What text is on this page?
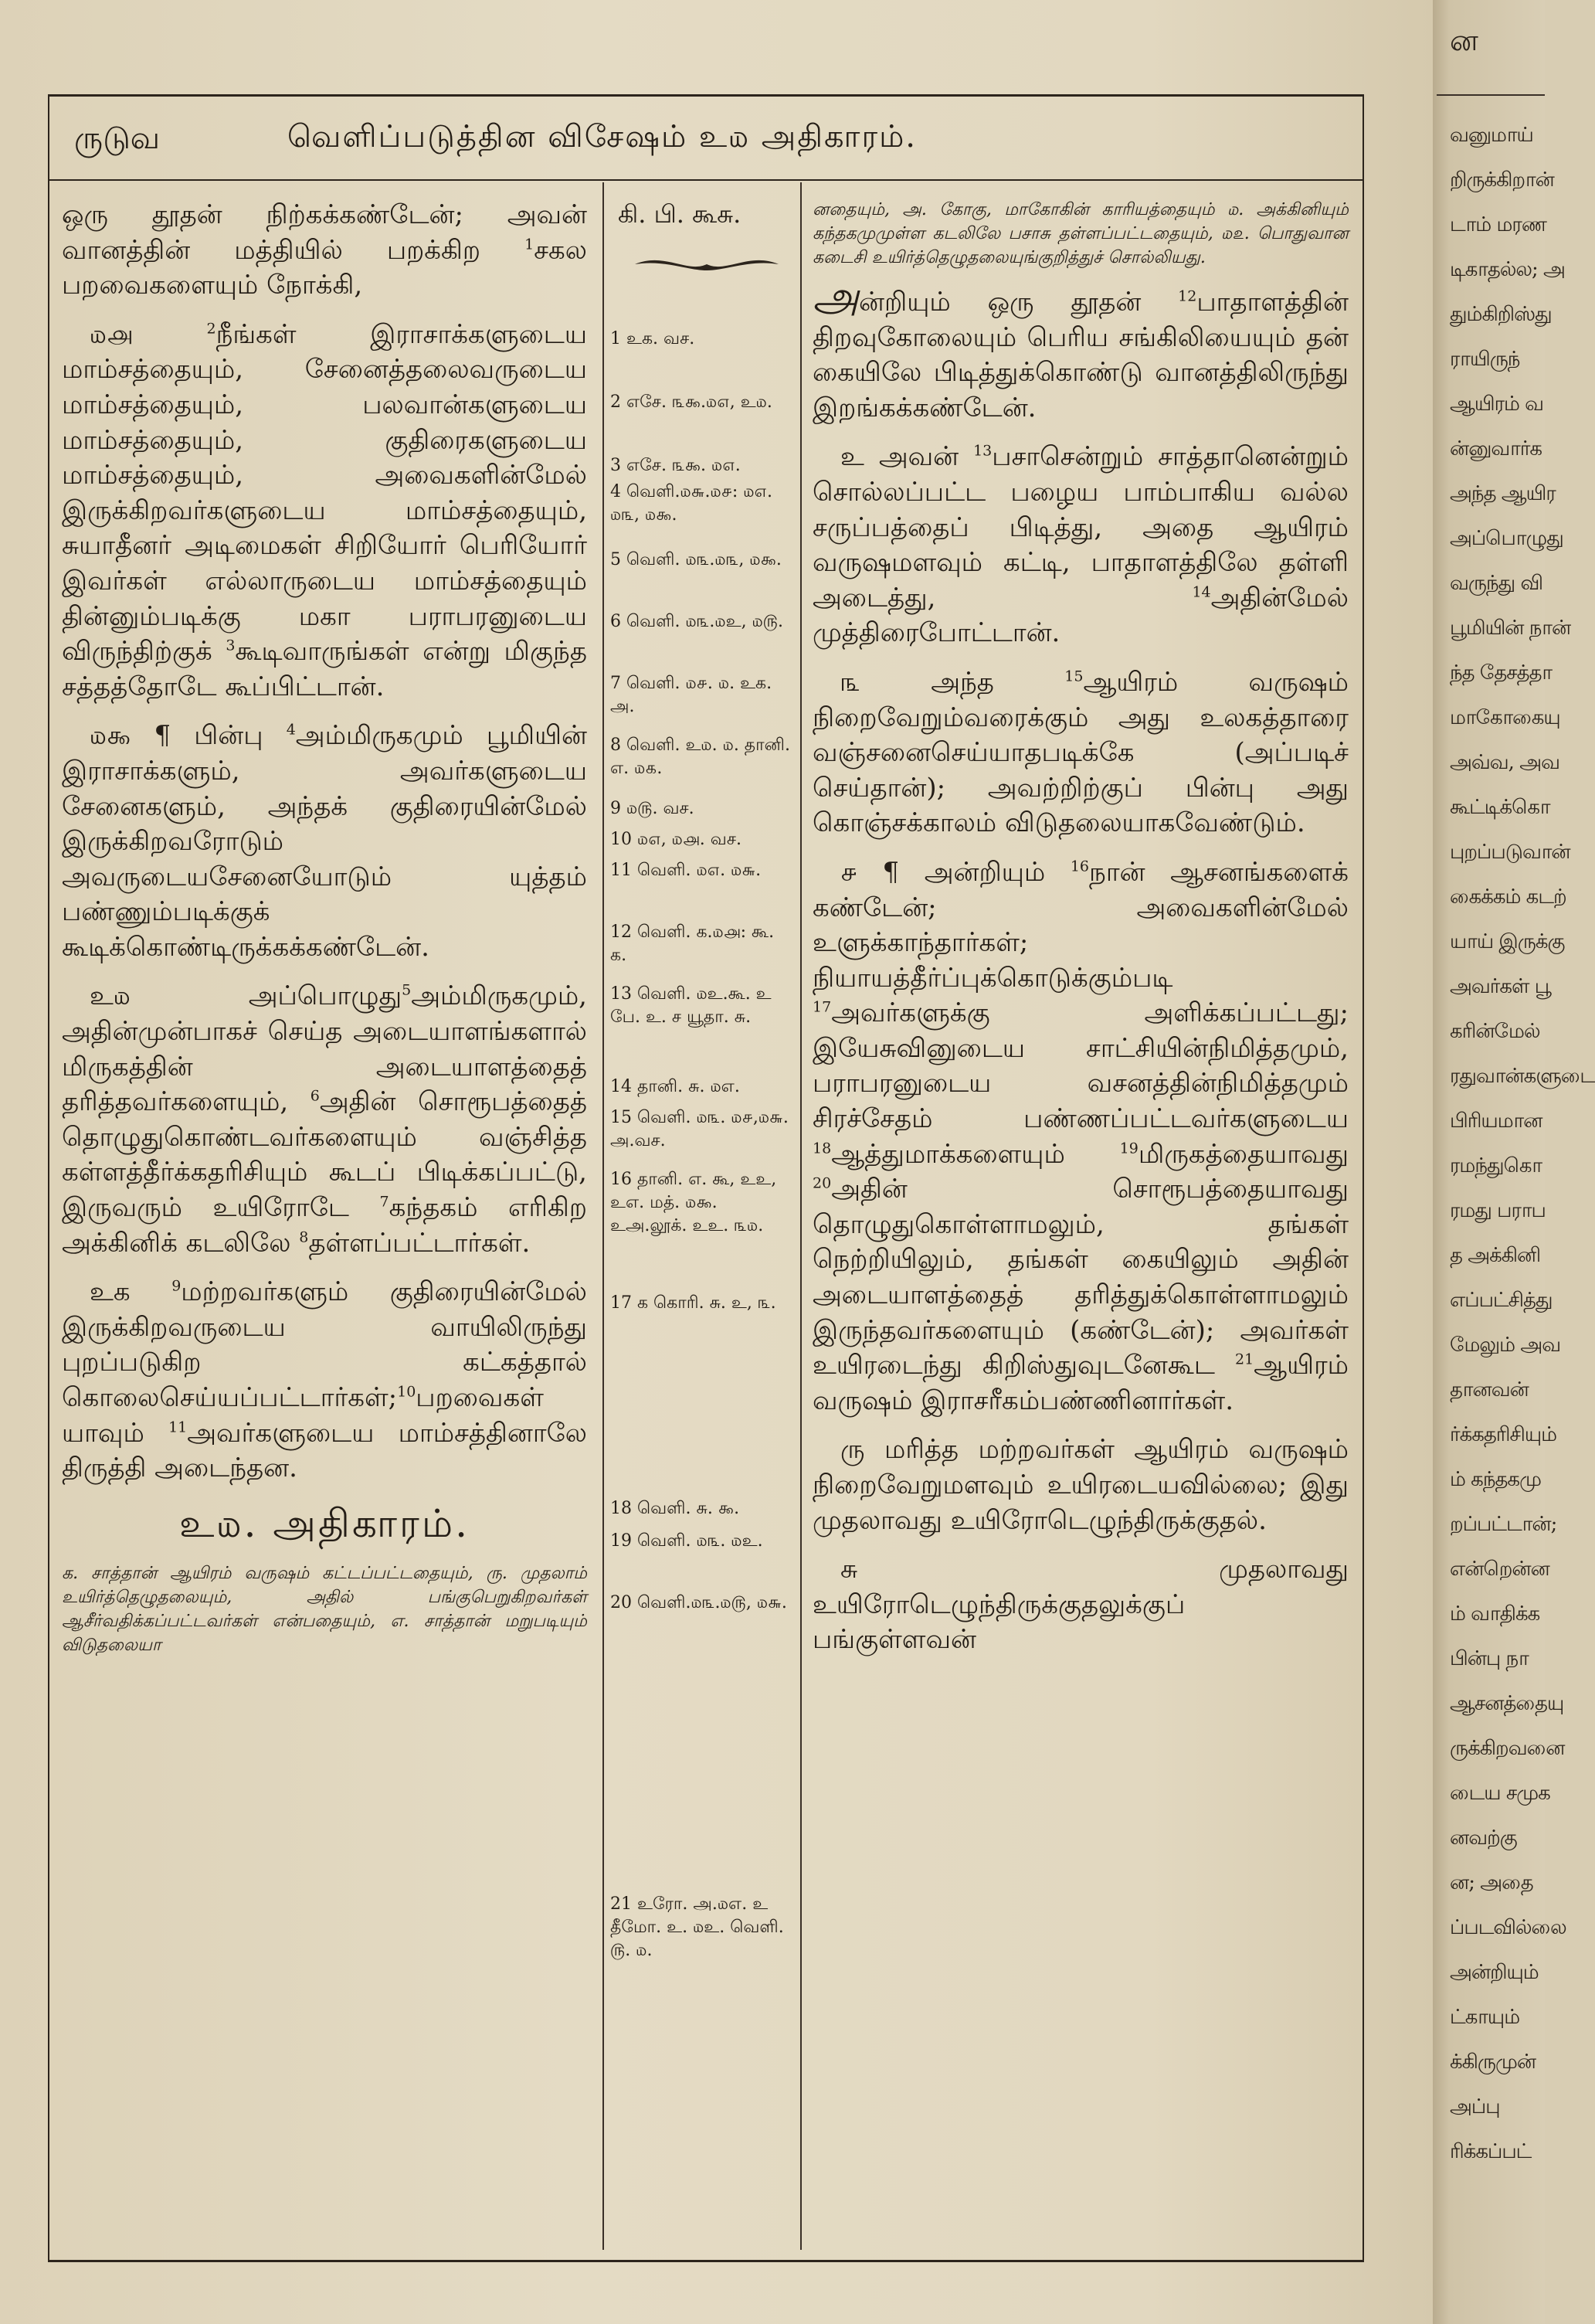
ருடுவ	வெளிப்படுத்தின விசேஷம் உ௰ அதிகாரம்.

ஒரு தூதன் நிற்கக்கண்டேன்; அவன் வானத்தின் மத்தியில் பறக்கிற	$^1$சகல பறவைகளையும் நோக்கி,

௰௮	$^2$நீங்கள் இராசாக்களுடைய மாம்சத்தையும், சேனைத்தலைவருடைய மாம்சத்தையும், பலவான்களுடைய மாம்சத்தையும், குதிரைகளுடைய மாம்சத்தையும், அவைகளின்மேல் இருக்கிறவர்களுடைய மாம்சத்தையும், சுயாதீனர் அடிமைகள் சிறியோர் பெரியோர் இவர்கள் எல்லாருடைய மாம்சத்தையும் தின்னும்படிக்கு மகா பராபரனுடைய விருந்திற்குக் $^3$கூடிவாருங்கள் என்று மிகுந்த சத்தத்தோடே கூப்பிட்டான்.

௰௯ ¶ பின்பு $^4$அம்மிருகமும் பூமியின் இராசாக்களும், அவர்களுடைய சேனைகளும், அந்தக் குதிரையின்மேல் இருக்கிறவரோடும் அவருடையசேனையோடும் யுத்தம் பண்ணும்படிக்குக் கூடிக்கொண்டிருக்கக்கண்டேன்.

உ௰	அப்பொழுது$^5$அம்மிருகமும், அதின்முன்பாகச் செய்த அடையாளங்களால் மிருகத்தின் அடையாளத்தைத் தரித்தவர்களையும், $^6$அதின் சொரூபத்தைத் தொழுதுகொண்டவர்களையும் வஞ்சித்த கள்ளத்தீர்க்கதரிசியும் கூடப் பிடிக்கப்பட்டு, இருவரும் உயிரோடே $^7$கந்தகம் எரிகிற அக்கினிக் கடலிலே $^8$தள்ளப்பட்டார்கள்.

உக	$^9$மற்றவர்களும் குதிரையின்மேல் இருக்கிறவருடைய வாயிலிருந்து புறப்படுகிற கட்கத்தால் கொலைசெய்யப்பட்டார்கள்;$^{10}$பறவைகள் யாவும் $^{11}$அவர்களுடைய மாம்சத்தினாலே திருத்தி அடைந்தன.

உ௰. அதிகாரம்.

க. சாத்தான் ஆயிரம் வருஷம் கட்டப்பட்டதையும், ரு. முதலாம் உயிர்த்தெழுதலையும், அதில் பங்குபெறுகிறவர்கள் ஆசீர்வதிக்கப்பட்டவர்கள் என்பதையும், எ. சாத்தான் மறுபடியும் விடுதலையா

கி. பி. கூசு.
1 உக. வச.
2 எசே. ௩௯.௰௭, உ௰.
3 எசே. ௩௯. ௰௭.
4 வெளி.௰௬.௰௪: ௰௭. ௰௩, ௰௯.
5 வெளி. ௰௩.௰௩, ௰௯.
6 வெளி. ௰௩.௰உ, ௰௫.
7 வெளி. ௰௪. ௰. உக. அ.
8 வெளி. உ௰. ௰. தானி. எ. ௰௧.
9 ௰௫. வச.
10 ௰௭, ௰௮. வச.
11 வெளி. ௰௭. ௰௬.
12 வெளி. க.௰௮: கூ. க.
13 வெளி. ௰உ.கூ. உ பே. உ. ச யூதா. சு.
14 தானி. சு. ௰எ.
15 வெளி. ௰௩. ௰௪,௰௬. அ.வச.
16 தானி. எ. கூ, உஉ, உஎ. மத். ௰௯. உஅ.லூக். உஉ. ௩௰.
17 க கொரி. சு. உ, ௩.
18 வெளி. சு. ௯.
19 வெளி. ௰௩. ௰உ.
20 வெளி.௰௩.௰௫, ௰௬.
21 உரோ. அ.௰எ. உ தீமோ. உ. ௰உ. வெளி. ௫. ௰.

னதையும், அ. கோகு, மாகோகின் காரியத்தையும் ௰. அக்கினியும் கந்தகமுமுள்ள கடலிலே பசாசு தள்ளப்பட்டதையும், ௰௨. பொதுவான கடைசி உயிர்த்தெழுதலையுங்குறித்துச் சொல்லியது.

அன்றியும் ஒரு தூதன்	$^{12}$பாதாளத்தின் திறவுகோலையும் பெரிய சங்கிலியையும் தன் கையிலே பிடித்துக்கொண்டு வானத்திலிருந்து இறங்கக்கண்டேன்.

உ அவன் $^{13}$பசாசென்றும் சாத்தானென்றும் சொல்லப்பட்ட பழைய பாம்பாகிய வல்ல சருப்பத்தைப் பிடித்து, அதை ஆயிரம் வருஷமளவும் கட்டி, பாதாளத்திலே தள்ளி அடைத்து,	$^{14}$அதின்மேல் முத்திரைபோட்டான்.

௩	அந்த	$^{15}$ஆயிரம் வருஷம் நிறைவேறும்வரைக்கும் அது உலகத்தாரை வஞ்சனைசெய்யாதபடிக்கே (அப்படிச் செய்தான்); அவற்றிற்குப் பின்பு அது கொஞ்சக்காலம் விடுதலையாகவேண்டும்.

௪ ¶ அன்றியும் $^{16}$நான் ஆசனங்களைக் கண்டேன்; அவைகளின்மேல் உளுக்காந்தார்கள்; நியாயத்தீர்ப்புக்கொடுக்கும்படி $^{17}$அவர்களுக்கு அளிக்கப்பட்டது; இயேசுவினுடைய சாட்சியின்நிமித்தமும், பராபரனுடைய வசனத்தின்நிமித்தமும் சிரச்சேதம் பண்ணப்பட்டவர்களுடைய $^{18}$ஆத்துமாக்களையும்	$^{19}$மிருகத்தையாவது $^{20}$அதின் சொரூபத்தையாவது தொழுதுகொள்ளாமலும், தங்கள் நெற்றியிலும், தங்கள் கையிலும் அதின் அடையாளத்தைத் தரித்துக்கொள்ளாமலும் இருந்தவர்களையும் (கண்டேன்); அவர்கள் உயிரடைந்து கிறிஸ்துவுடனேகூட $^{21}$ஆயிரம் வருஷம் இராசரீகம்பண்ணினார்கள்.

ரு மரித்த மற்றவர்கள் ஆயிரம் வருஷம் நிறைவேறுமளவும் உயிரடையவில்லை; இது முதலாவது உயிரோடெழுந்திருக்குதல்.

சு	முதலாவது உயிரோடெழுந்திருக்குதலுக்குப் பங்குள்ளவன்

ன
வனுமாய்
றிருக்கிறான்
டாம் மரண
டிகாதல்ல; அ
தும்கிறிஸ்து
ராயிருந்
ஆயிரம் வ
ன்னுவார்க
அந்த ஆயிர
அப்பொழுது
வருந்து வி
பூமியின் நான்
ந்த தேசத்தா
மாகோகையு
அவ்வ, அவ
கூட்டிக்கொ
புறப்படுவான்
கைக்கம் கடற்
யாய் இருக்கு
அவர்கள் பூ
கரின்மேல்
ரதுவான்களுடை
பிரியமான
ரமந்துகொ
ரமது பராப
த அக்கினி
எப்பட்சித்து
மேலும் அவ
தானவன்
ர்க்கதரிசியும்
ம் கந்தகமு
றப்பட்டான்;
என்றென்ன
ம் வாதிக்க
பின்பு நா
ஆசனத்தையு
ருக்கிறவனை
டைய சமுக
னவற்கு
ன; அதை
ப்படவில்லை
அன்றியும்
ட்காயும்
க்கிருமுன்
அப்பு
ரிக்கப்பட்
